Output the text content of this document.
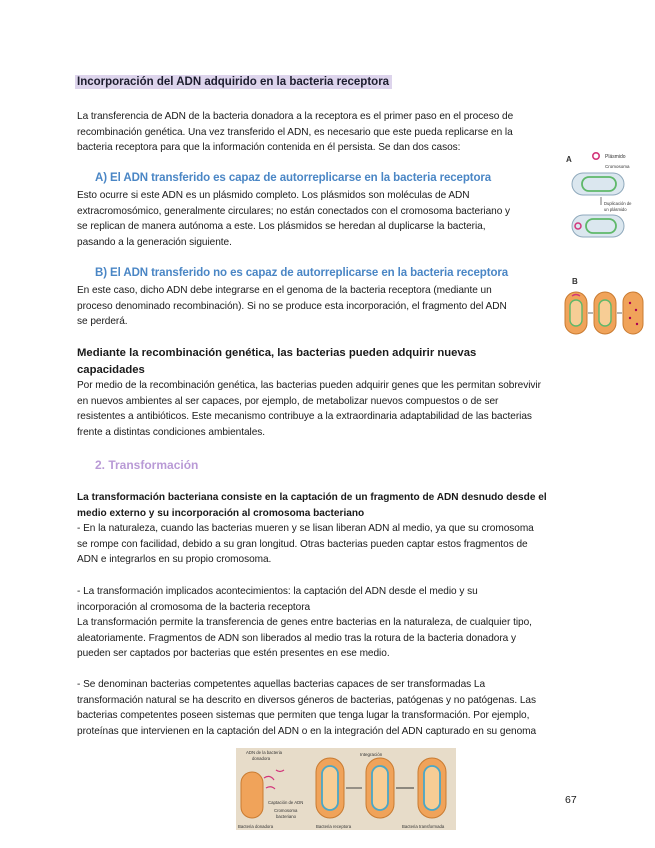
Incorporación del ADN adquirido en la bacteria receptora
La transferencia de ADN de la bacteria donadora a la receptora es el primer paso en el proceso de
recombinación genética. Una vez transferido el ADN, es necesario que este pueda replicarse en la
bacteria receptora para que la información contenida en él persista. Se dan dos casos:
A) El ADN transferido es capaz de autorreplicarse en la bacteria receptora
Esto ocurre si este ADN es un plásmido completo. Los plásmidos son moléculas de ADN
extracromosómico, generalmente circulares; no están conectados con el cromosoma bacteriano y
se replican de manera autónoma a este. Los plásmidos se heredan al duplicarse la bacteria,
pasando a la generación siguiente.
B) El ADN transferido no es capaz de autorreplicarse en la bacteria receptora
En este caso, dicho ADN debe integrarse en el genoma de la bacteria receptora (mediante un
proceso denominado recombinación). Si no se produce esta incorporación, el fragmento del ADN
se perderá.
Mediante la recombinación genética, las bacterias pueden adquirir nuevas
capacidades
Por medio de la recombinación genética, las bacterias pueden adquirir genes que les permitan sobrevivir
en nuevos ambientes al ser capaces, por ejemplo, de metabolizar nuevos compuestos o de ser
resistentes a antibióticos. Este mecanismo contribuye a la extraordinaria adaptabilidad de las bacterias
frente a distintas condiciones ambientales.
2. Transformación
La transformación bacteriana consiste en la captación de un fragmento de ADN desnudo desde el
medio externo y su incorporación al cromosoma bacteriano
- En la naturaleza, cuando las bacterias mueren y se lisan liberan ADN al medio, ya que su cromosoma
se rompe con facilidad, debido a su gran longitud. Otras bacterias pueden captar estos fragmentos de
ADN e integrarlos en su propio cromosoma.
- La transformación implicados acontecimientos: la captación del ADN desde el medio y su
incorporación al cromosoma de la bacteria receptora
La transformación permite la transferencia de genes entre bacterias en la naturaleza, de cualquier tipo,
aleatoriamente. Fragmentos de ADN son liberados al medio tras la rotura de la bacteria donadora y
pueden ser captados por bacterias que estén presentes en ese medio.
- Se denominan bacterias competentes aquellas bacterias capaces de ser transformadas La
transformación natural se ha descrito en diversos géneros de bacterias, patógenas y no patógenas. Las
bacterias competentes poseen sistemas que permiten que tenga lugar la transformación. Por ejemplo,
proteínas que intervienen en la captación del ADN o en la integración del ADN capturado en su genoma
A	Plásmido
Cromosoma
Duplicación de
un plásmido
B
ADN de la bacteria
donadora
Captación de ADN
Cromosoma
bacteriano
Integración
Bacteria donadora	Bacteria receptora	Bacteria transformada
67
